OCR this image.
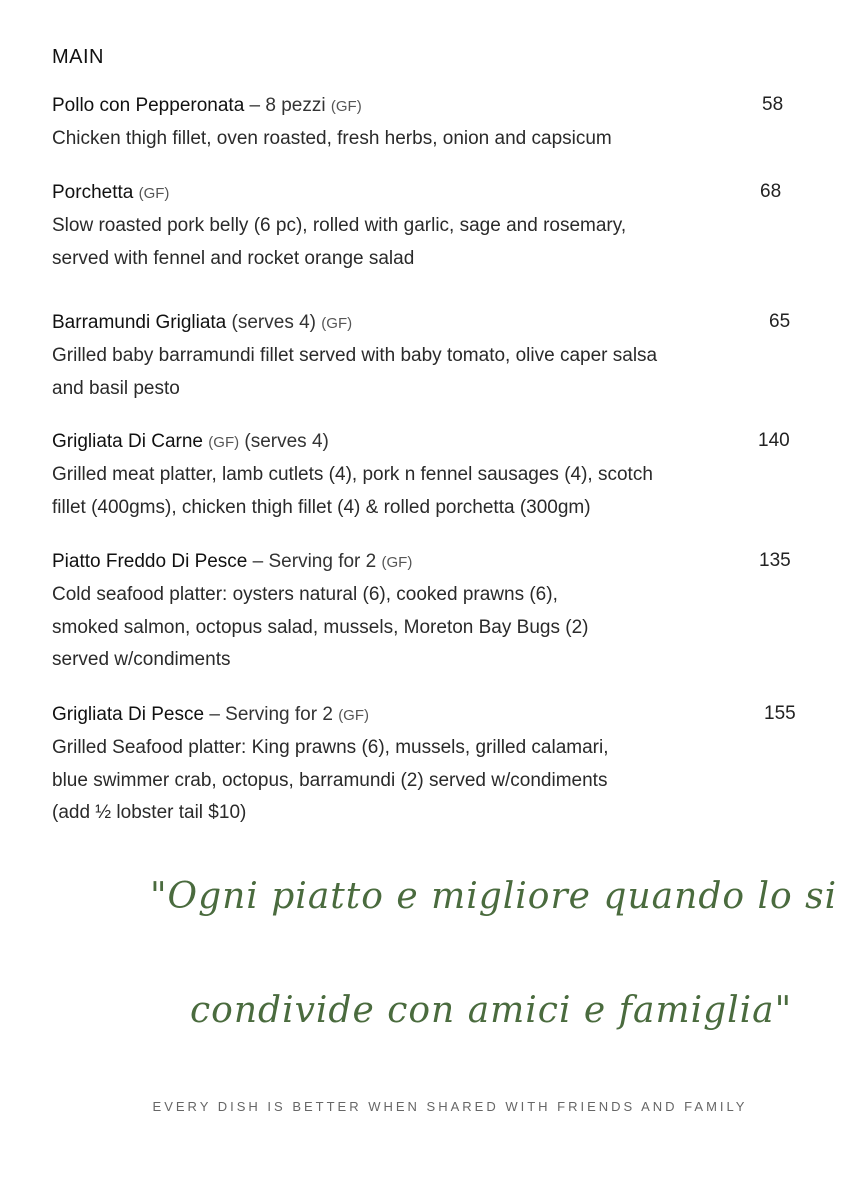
MAIN
Pollo con Pepperonata – 8 pezzi (GF)	58
Chicken thigh fillet, oven roasted, fresh herbs, onion and capsicum
Porchetta (GF)	68
Slow roasted pork belly (6 pc), rolled with garlic, sage and rosemary,
served with fennel and rocket orange salad
Barramundi Grigliata (serves 4) (GF)	65
Grilled baby barramundi fillet served with baby tomato, olive caper salsa
and basil pesto
Grigliata Di Carne (GF) (serves 4)	140
Grilled meat platter, lamb cutlets (4), pork n fennel sausages (4), scotch
fillet (400gms), chicken thigh fillet (4) & rolled porchetta (300gm)
Piatto Freddo Di Pesce – Serving for 2 (GF)	135
Cold seafood platter: oysters natural (6), cooked prawns (6),
smoked salmon, octopus salad, mussels, Moreton Bay Bugs (2)
served w/condiments
Grigliata Di Pesce – Serving for 2 (GF)	155
Grilled Seafood platter: King prawns (6), mussels, grilled calamari,
blue swimmer crab, octopus, barramundi (2) served w/condiments
(add ½ lobster tail $10)
"Ogni piatto e migliore quando lo si
condivide con amici e famiglia"
EVERY DISH IS BETTER WHEN SHARED WITH FRIENDS AND FAMILY
